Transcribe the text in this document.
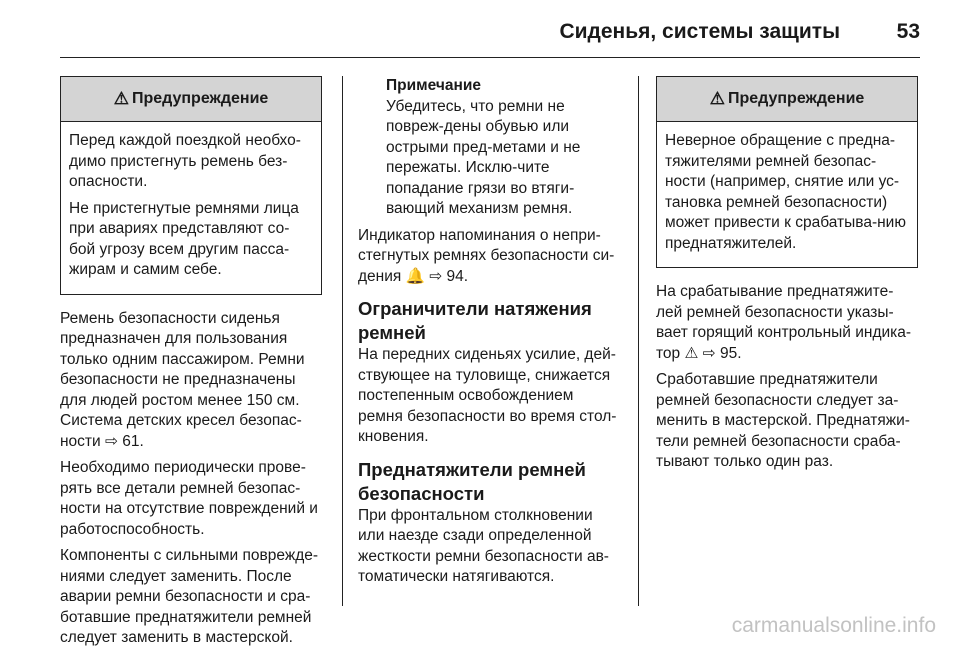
Сиденья, системы защиты	53
⚠ Предупреждение

Перед каждой поездкой необхо-димо пристегнуть ремень без-опасности.

Не пристегнутые ремнями лица при авариях представляют со-бой угрозу всем другим пасса-жирам и самим себе.

Ремень безопасности сиденья предназначен для пользования только одним пассажиром. Ремни безопасности не предназначены для людей ростом менее 150 см. Система детских кресел безопас-ности ⇨ 61.

Необходимо периодически прове-рять все детали ремней безопас-ности на отсутствие повреждений и работоспособность.

Компоненты с сильными поврежде-ниями следует заменить. После аварии ремни безопасности и сра-ботавшие преднатяжители ремней следует заменить в мастерской.

Примечание
Убедитесь, что ремни не повреж-дены обувью или острыми пред-метами и не пережаты. Исклю-чите попадание грязи во втяги-вающий механизм ремня.

Индикатор напоминания о непри-стегнутых ремнях безопасности си-дения 🔔 ⇨ 94.

Ограничители натяжения ремней

На передних сиденьях усилие, дей-ствующее на туловище, снижается постепенным освобождением ремня безопасности во время стол-кновения.

Преднатяжители ремней безопасности

При фронтальном столкновении или наезде сзади определенной жесткости ремни безопасности ав-томатически натягиваются.

⚠ Предупреждение

Неверное обращение с предна-тяжителями ремней безопас-ности (например, снятие или ус-тановка ремней безопасности) может привести к срабатыва-нию преднатяжителей.

На срабатывание преднатяжите-лей ремней безопасности указы-вает горящий контрольный индика-тор ⚠ ⇨ 95.

Сработавшие преднатяжители ремней безопасности следует за-менить в мастерской. Преднатяжи-тели ремней безопасности сраба-тывают только один раз.

carmanualsonline.info
